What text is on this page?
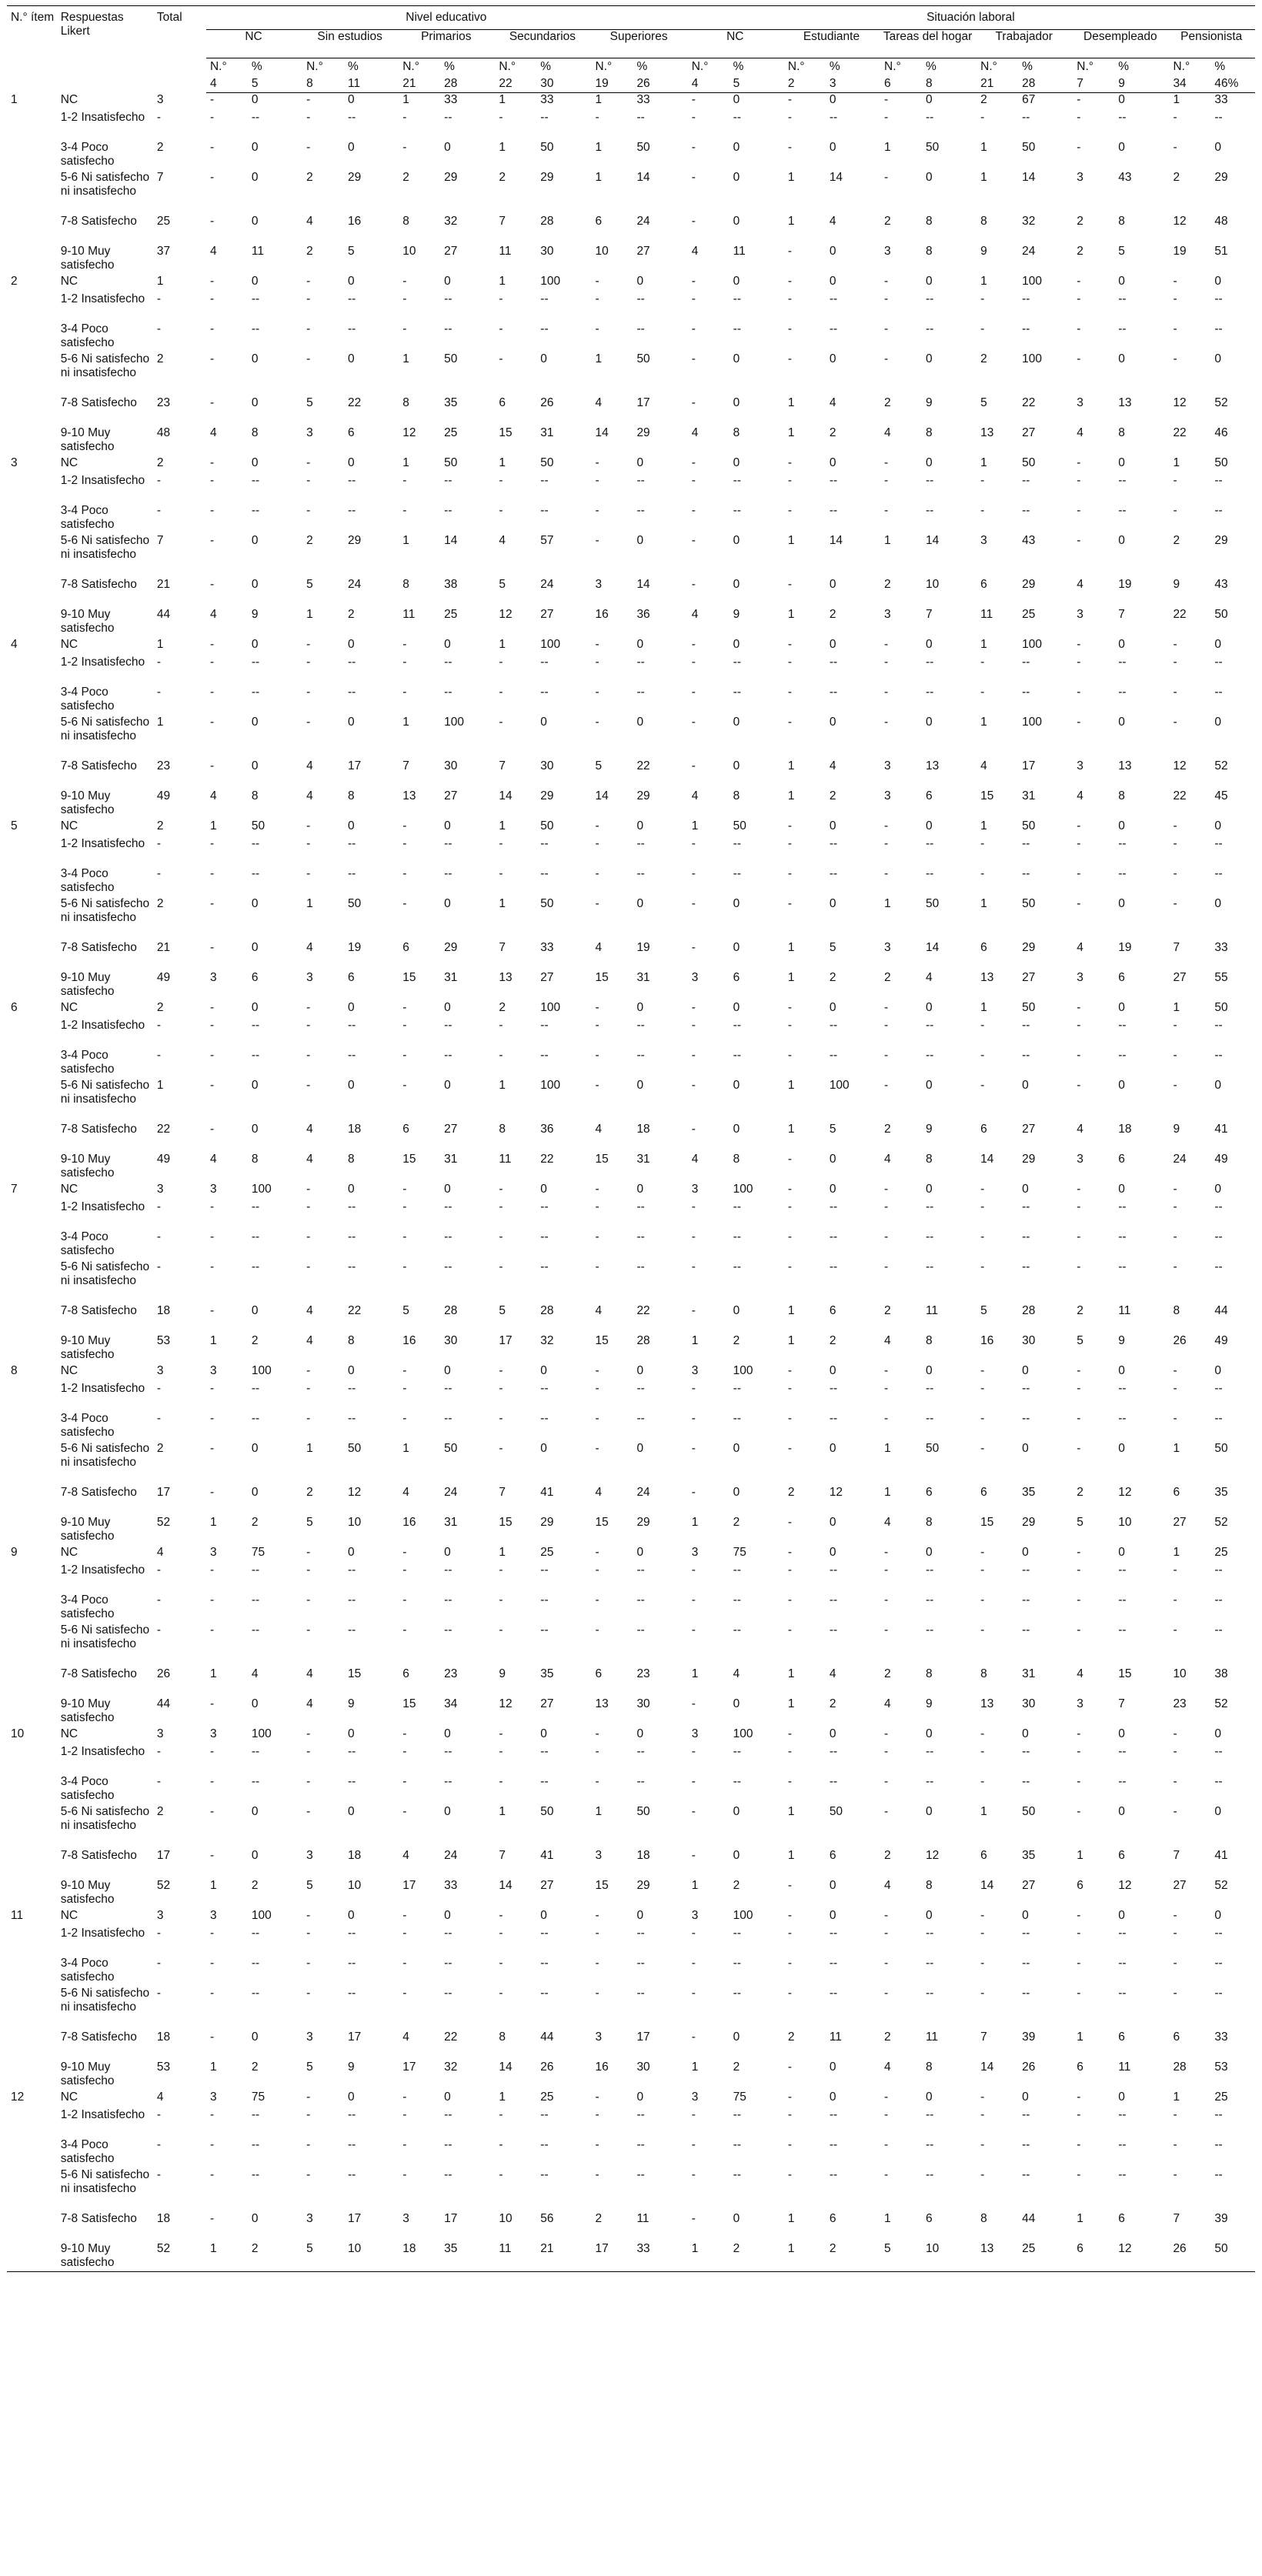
N.° ítem	Respuestas Likert	Total	Nivel educativo										Situación laboral											
			NC		Sin estudios		Primarios		Secundarios		Superiores		NC		Estudiante		Tareas del hogar		Trabajador		Desempleado		Pensionista	
			N.°	%	N.°	%	N.°	%	N.°	%	N.°	%	N.°	%	N.°	%	N.°	%	N.°	%	N.°	%	N.°	%
			4	5	8	11	21	28	22	30	19	26	4	5	2	3	6	8	21	28	7	9	34	46%
1	NC	3	-	0	-	0	1	33	1	33	1	33	-	0	-	0	-	0	2	67	-	0	1	33
	1-2 Insatisfecho	-	-	--	-	--	-	--	-	--	-	--	-	--	-	--	-	--	-	--	-	--	-	--
	3-4 Poco satisfecho	2	-	0	-	0	-	0	1	50	1	50	-	0	-	0	1	50	1	50	-	0	-	0
	5-6 Ni satisfecho ni insatisfecho	7	-	0	2	29	2	29	2	29	1	14	-	0	1	14	-	0	1	14	3	43	2	29
	7-8 Satisfecho	25	-	0	4	16	8	32	7	28	6	24	-	0	1	4	2	8	8	32	2	8	12	48
	9-10 Muy satisfecho	37	4	11	2	5	10	27	11	30	10	27	4	11	-	0	3	8	9	24	2	5	19	51
2	NC	1	-	0	-	0	-	0	1	100	-	0	-	0	-	0	-	0	1	100	-	0	-	0
	1-2 Insatisfecho	-	-	--	-	--	-	--	-	--	-	--	-	--	-	--	-	--	-	--	-	--	-	--
	3-4 Poco satisfecho	-	-	--	-	--	-	--	-	--	-	--	-	--	-	--	-	--	-	--	-	--	-	--
	5-6 Ni satisfecho ni insatisfecho	2	-	0	-	0	1	50	-	0	1	50	-	0	-	0	-	0	2	100	-	0	-	0
	7-8 Satisfecho	23	-	0	5	22	8	35	6	26	4	17	-	0	1	4	2	9	5	22	3	13	12	52
	9-10 Muy satisfecho	48	4	8	3	6	12	25	15	31	14	29	4	8	1	2	4	8	13	27	4	8	22	46
3	NC	2	-	0	-	0	1	50	1	50	-	0	-	0	-	0	-	0	1	50	-	0	1	50
	1-2 Insatisfecho	-	-	--	-	--	-	--	-	--	-	--	-	--	-	--	-	--	-	--	-	--	-	--
	3-4 Poco satisfecho	-	-	--	-	--	-	--	-	--	-	--	-	--	-	--	-	--	-	--	-	--	-	--
	5-6 Ni satisfecho ni insatisfecho	7	-	0	2	29	1	14	4	57	-	0	-	0	1	14	1	14	3	43	-	0	2	29
	7-8 Satisfecho	21	-	0	5	24	8	38	5	24	3	14	-	0	-	0	2	10	6	29	4	19	9	43
	9-10 Muy satisfecho	44	4	9	1	2	11	25	12	27	16	36	4	9	1	2	3	7	11	25	3	7	22	50
4	NC	1	-	0	-	0	-	0	1	100	-	0	-	0	-	0	-	0	1	100	-	0	-	0
	1-2 Insatisfecho	-	-	--	-	--	-	--	-	--	-	--	-	--	-	--	-	--	-	--	-	--	-	--
	3-4 Poco satisfecho	-	-	--	-	--	-	--	-	--	-	--	-	--	-	--	-	--	-	--	-	--	-	--
	5-6 Ni satisfecho ni insatisfecho	1	-	0	-	0	1	100	-	0	-	0	-	0	-	0	-	0	1	100	-	0	-	0
	7-8 Satisfecho	23	-	0	4	17	7	30	7	30	5	22	-	0	1	4	3	13	4	17	3	13	12	52
	9-10 Muy satisfecho	49	4	8	4	8	13	27	14	29	14	29	4	8	1	2	3	6	15	31	4	8	22	45
5	NC	2	1	50	-	0	-	0	1	50	-	0	1	50	-	0	-	0	1	50	-	0	-	0
	1-2 Insatisfecho	-	-	--	-	--	-	--	-	--	-	--	-	--	-	--	-	--	-	--	-	--	-	--
	3-4 Poco satisfecho	-	-	--	-	--	-	--	-	--	-	--	-	--	-	--	-	--	-	--	-	--	-	--
	5-6 Ni satisfecho ni insatisfecho	2	-	0	1	50	-	0	1	50	-	0	-	0	-	0	1	50	1	50	-	0	-	0
	7-8 Satisfecho	21	-	0	4	19	6	29	7	33	4	19	-	0	1	5	3	14	6	29	4	19	7	33
	9-10 Muy satisfecho	49	3	6	3	6	15	31	13	27	15	31	3	6	1	2	2	4	13	27	3	6	27	55
6	NC	2	-	0	-	0	-	0	2	100	-	0	-	0	-	0	-	0	1	50	-	0	1	50
	1-2 Insatisfecho	-	-	--	-	--	-	--	-	--	-	--	-	--	-	--	-	--	-	--	-	--	-	--
	3-4 Poco satisfecho	-	-	--	-	--	-	--	-	--	-	--	-	--	-	--	-	--	-	--	-	--	-	--
	5-6 Ni satisfecho ni insatisfecho	1	-	0	-	0	-	0	1	100	-	0	-	0	1	100	-	0	-	0	-	0	-	0
	7-8 Satisfecho	22	-	0	4	18	6	27	8	36	4	18	-	0	1	5	2	9	6	27	4	18	9	41
	9-10 Muy satisfecho	49	4	8	4	8	15	31	11	22	15	31	4	8	-	0	4	8	14	29	3	6	24	49
7	NC	3	3	100	-	0	-	0	-	0	-	0	3	100	-	0	-	0	-	0	-	0	-	0
	1-2 Insatisfecho	-	-	--	-	--	-	--	-	--	-	--	-	--	-	--	-	--	-	--	-	--	-	--
	3-4 Poco satisfecho	-	-	--	-	--	-	--	-	--	-	--	-	--	-	--	-	--	-	--	-	--	-	--
	5-6 Ni satisfecho ni insatisfecho	-	-	--	-	--	-	--	-	--	-	--	-	--	-	--	-	--	-	--	-	--	-	--
	7-8 Satisfecho	18	-	0	4	22	5	28	5	28	4	22	-	0	1	6	2	11	5	28	2	11	8	44
	9-10 Muy satisfecho	53	1	2	4	8	16	30	17	32	15	28	1	2	1	2	4	8	16	30	5	9	26	49
8	NC	3	3	100	-	0	-	0	-	0	-	0	3	100	-	0	-	0	-	0	-	0	-	0
	1-2 Insatisfecho	-	-	--	-	--	-	--	-	--	-	--	-	--	-	--	-	--	-	--	-	--	-	--
	3-4 Poco satisfecho	-	-	--	-	--	-	--	-	--	-	--	-	--	-	--	-	--	-	--	-	--	-	--
	5-6 Ni satisfecho ni insatisfecho	2	-	0	1	50	1	50	-	0	-	0	-	0	-	0	1	50	-	0	-	0	1	50
	7-8 Satisfecho	17	-	0	2	12	4	24	7	41	4	24	-	0	2	12	1	6	6	35	2	12	6	35
	9-10 Muy satisfecho	52	1	2	5	10	16	31	15	29	15	29	1	2	-	0	4	8	15	29	5	10	27	52
9	NC	4	3	75	-	0	-	0	1	25	-	0	3	75	-	0	-	0	-	0	-	0	1	25
	1-2 Insatisfecho	-	-	--	-	--	-	--	-	--	-	--	-	--	-	--	-	--	-	--	-	--	-	--
	3-4 Poco satisfecho	-	-	--	-	--	-	--	-	--	-	--	-	--	-	--	-	--	-	--	-	--	-	--
	5-6 Ni satisfecho ni insatisfecho	-	-	--	-	--	-	--	-	--	-	--	-	--	-	--	-	--	-	--	-	--	-	--
	7-8 Satisfecho	26	1	4	4	15	6	23	9	35	6	23	1	4	1	4	2	8	8	31	4	15	10	38
	9-10 Muy satisfecho	44	-	0	4	9	15	34	12	27	13	30	-	0	1	2	4	9	13	30	3	7	23	52
10	NC	3	3	100	-	0	-	0	-	0	-	0	3	100	-	0	-	0	-	0	-	0	-	0
	1-2 Insatisfecho	-	-	--	-	--	-	--	-	--	-	--	-	--	-	--	-	--	-	--	-	--	-	--
	3-4 Poco satisfecho	-	-	--	-	--	-	--	-	--	-	--	-	--	-	--	-	--	-	--	-	--	-	--
	5-6 Ni satisfecho ni insatisfecho	2	-	0	-	0	-	0	1	50	1	50	-	0	1	50	-	0	1	50	-	0	-	0
	7-8 Satisfecho	17	-	0	3	18	4	24	7	41	3	18	-	0	1	6	2	12	6	35	1	6	7	41
	9-10 Muy satisfecho	52	1	2	5	10	17	33	14	27	15	29	1	2	-	0	4	8	14	27	6	12	27	52
11	NC	3	3	100	-	0	-	0	-	0	-	0	3	100	-	0	-	0	-	0	-	0	-	0
	1-2 Insatisfecho	-	-	--	-	--	-	--	-	--	-	--	-	--	-	--	-	--	-	--	-	--	-	--
	3-4 Poco satisfecho	-	-	--	-	--	-	--	-	--	-	--	-	--	-	--	-	--	-	--	-	--	-	--
	5-6 Ni satisfecho ni insatisfecho	-	-	--	-	--	-	--	-	--	-	--	-	--	-	--	-	--	-	--	-	--	-	--
	7-8 Satisfecho	18	-	0	3	17	4	22	8	44	3	17	-	0	2	11	2	11	7	39	1	6	6	33
	9-10 Muy satisfecho	53	1	2	5	9	17	32	14	26	16	30	1	2	-	0	4	8	14	26	6	11	28	53
12	NC	4	3	75	-	0	-	0	1	25	-	0	3	75	-	0	-	0	-	0	-	0	1	25
	1-2 Insatisfecho	-	-	--	-	--	-	--	-	--	-	--	-	--	-	--	-	--	-	--	-	--	-	--
	3-4 Poco satisfecho	-	-	--	-	--	-	--	-	--	-	--	-	--	-	--	-	--	-	--	-	--	-	--
	5-6 Ni satisfecho ni insatisfecho	-	-	--	-	--	-	--	-	--	-	--	-	--	-	--	-	--	-	--	-	--	-	--
	7-8 Satisfecho	18	-	0	3	17	3	17	10	56	2	11	-	0	1	6	1	6	8	44	1	6	7	39
	9-10 Muy satisfecho	52	1	2	5	10	18	35	11	21	17	33	1	2	1	2	5	10	13	25	6	12	26	50
